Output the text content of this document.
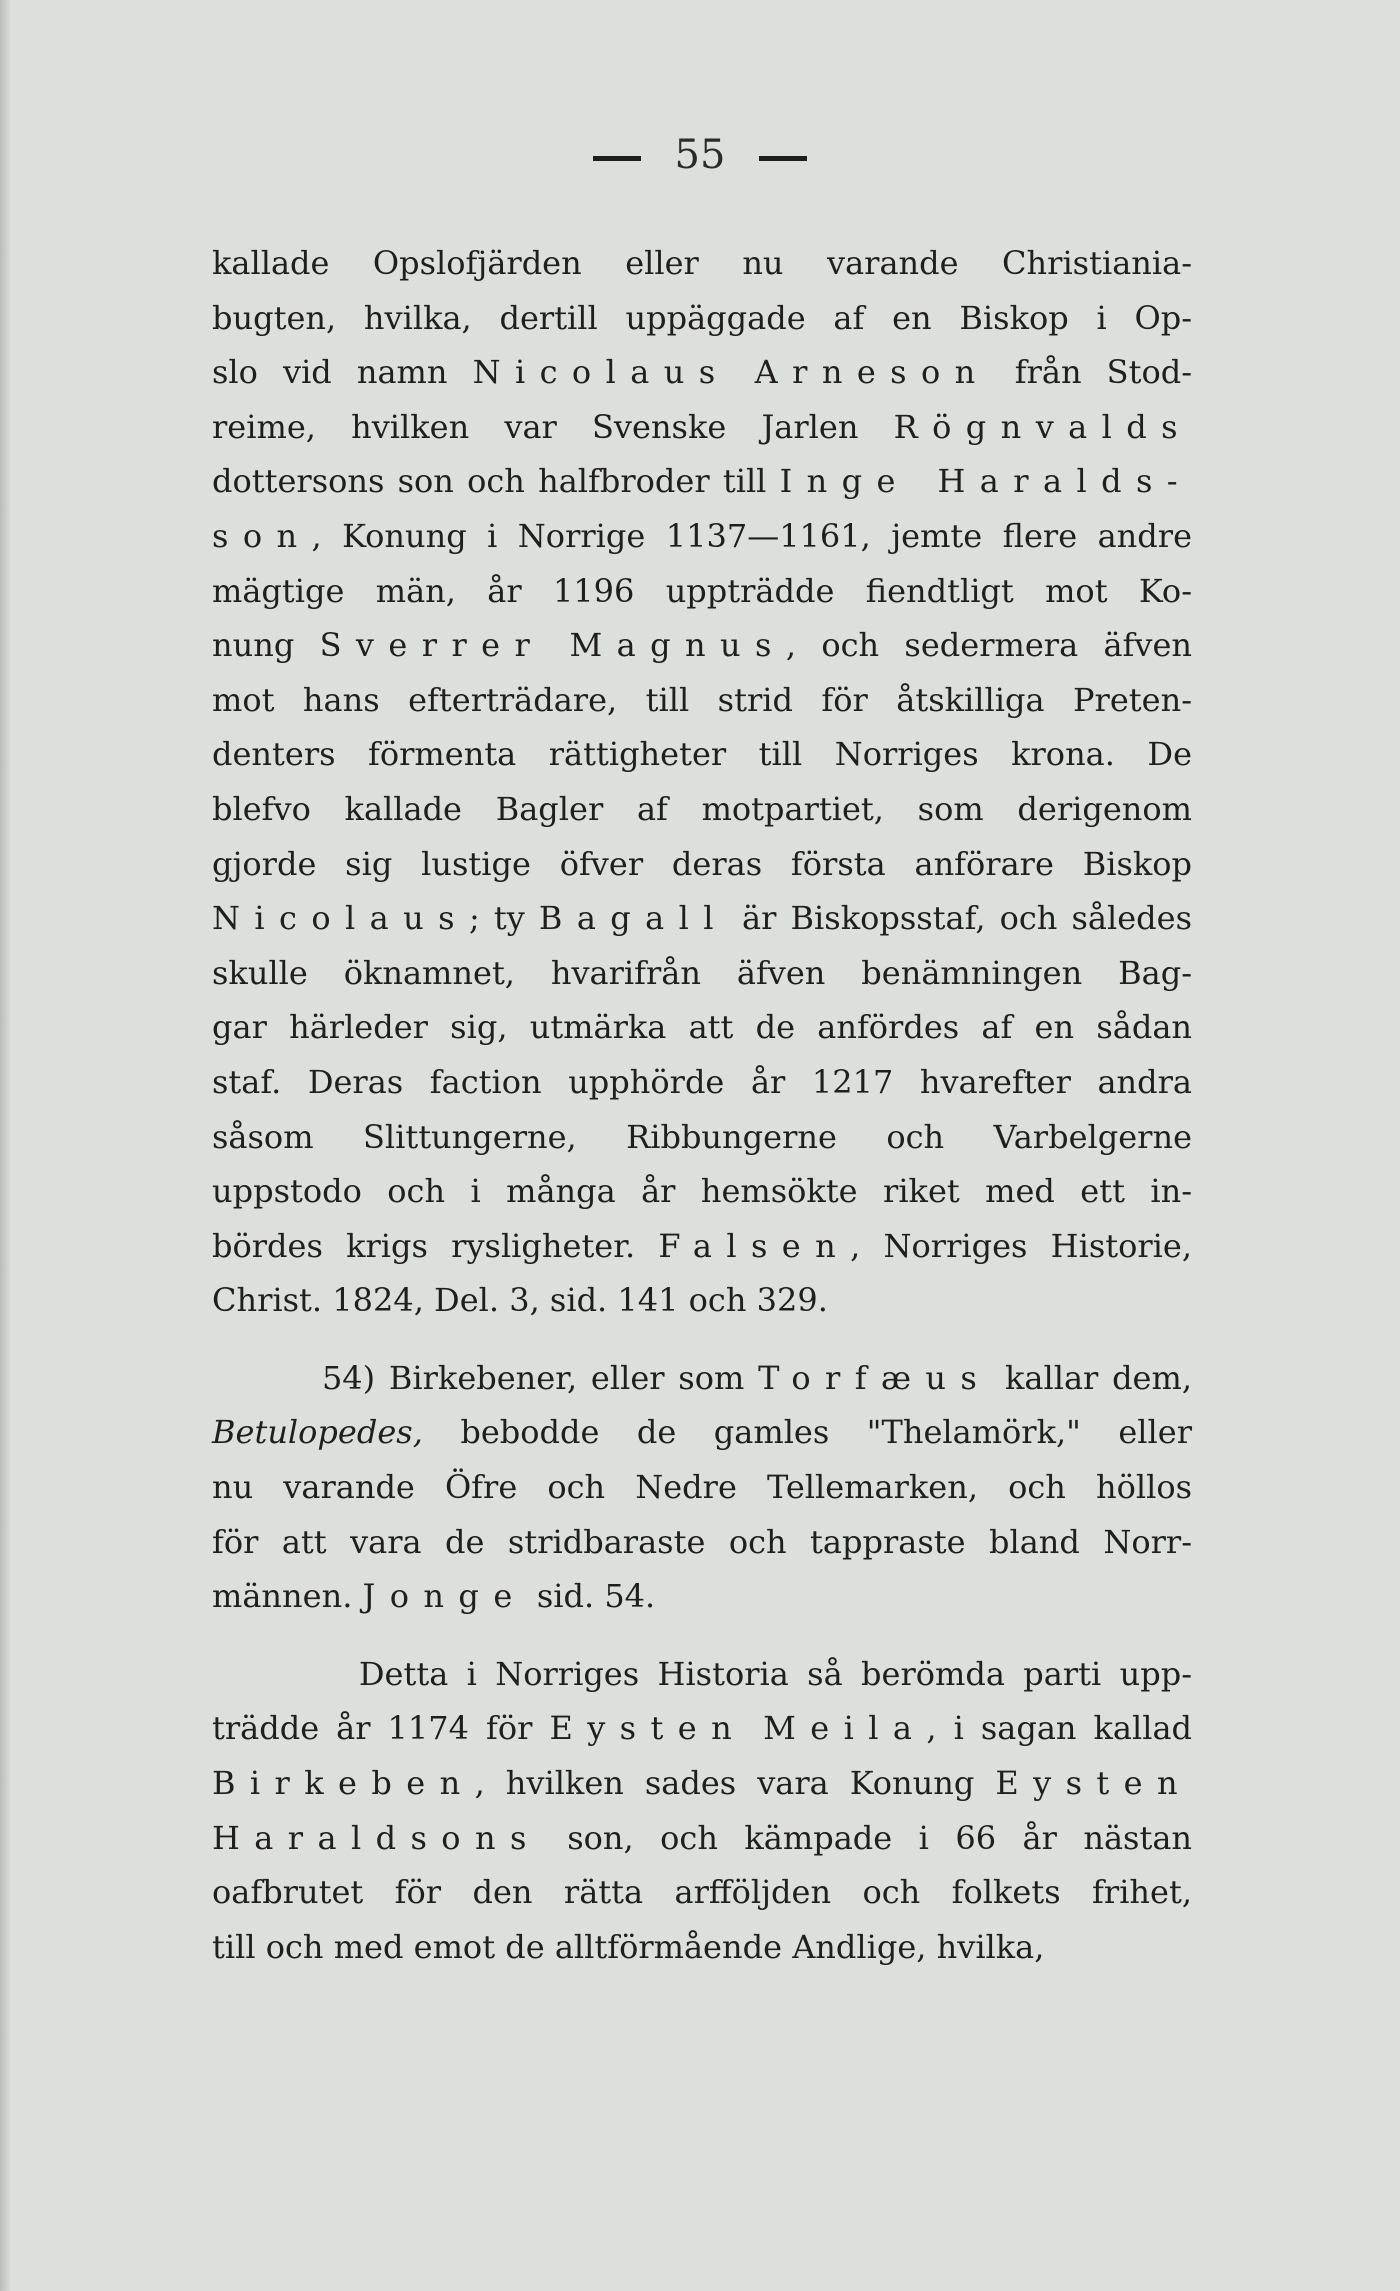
55
kallade Opslofjärden eller nu varande Christiania-
bugten, hvilka, dertill uppäggade af en Biskop i Op-
slo vid namn Nicolaus Arneson från Stod-
reime, hvilken var Svenske Jarlen Rögnvalds
dottersons son och halfbroder till Inge Haralds-
son, Konung i Norrige 1137—1161, jemte flere andre
mägtige män, år 1196 uppträdde fiendtligt mot Ko-
nung Sverrer Magnus, och sedermera äfven
mot hans efterträdare, till strid för åtskilliga Preten-
denters förmenta rättigheter till Norriges krona. De
blefvo kallade Bagler af motpartiet, som derigenom
gjorde sig lustige öfver deras första anförare Biskop
Nicolaus; ty Bagall är Biskopsstaf, och således
skulle öknamnet, hvarifrån äfven benämningen Bag-
gar härleder sig, utmärka att de anfördes af en sådan
staf. Deras faction upphörde år 1217 hvarefter andra
såsom Slittungerne, Ribbungerne och Varbelgerne
uppstodo och i många år hemsökte riket med ett in-
bördes krigs rysligheter. Falsen, Norriges Historie,
Christ. 1824, Del. 3, sid. 141 och 329.
54) Birkebener, eller som Torfæus kallar dem,
Betulopedes, bebodde de gamles "Thelamörk," eller
nu varande Öfre och Nedre Tellemarken, och höllos
för att vara de stridbaraste och tappraste bland Norr-
männen. Jonge sid. 54.
Detta i Norriges Historia så berömda parti upp-
trädde år 1174 för Eysten Meila, i sagan kallad
Birkeben, hvilken sades vara Konung Eysten
Haraldsons son, och kämpade i 66 år nästan
oafbrutet för den rätta arfföljden och folkets frihet,
till och med emot de alltförmående Andlige, hvilka,
